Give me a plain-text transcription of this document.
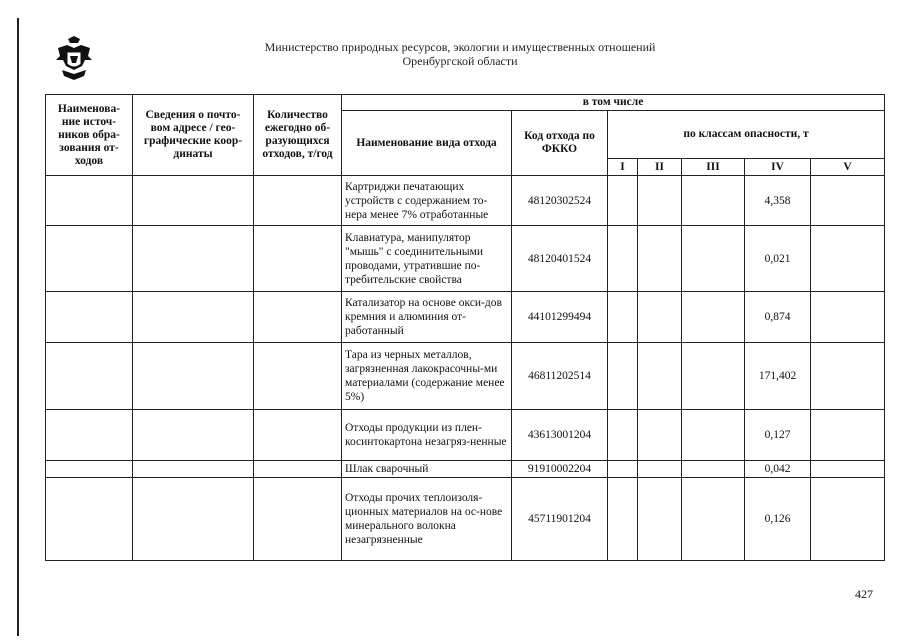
Министерство природных ресурсов, экологии и имущественных отношений
Оренбургской области
Наименова-ние источ-ников обра-зования от-ходов	Сведения о почто-вом адресе / гео-графические коор-динаты	Количество ежегодно об-разующихся отходов, т/год	в том числе						
			Наименование вида отхода	Код отхода по ФККО	по классам опасности, т				
					I	II	III	IV	V
			Картриджи печатающих устройств с содержанием то-нера менее 7% отработанные	48120302524				4,358	
			Клавиатура, манипулятор "мышь" с соединительными проводами, утратившие по-требительские свойства	48120401524				0,021	
			Катализатор на основе окси-дов кремния и алюминия от-работанный	44101299494				0,874	
			Тара из черных металлов, загрязненная лакокрасочны-ми материалами (содержание менее 5%)	46811202514				171,402	
			Отходы продукции из плен-косинтокартона незагряз-ненные	43613001204				0,127	
			Шлак сварочный	91910002204				0,042	
			Отходы прочих теплоизоля-ционных материалов на ос-нове минерального волокна незагрязненные	45711901204				0,126	
427
